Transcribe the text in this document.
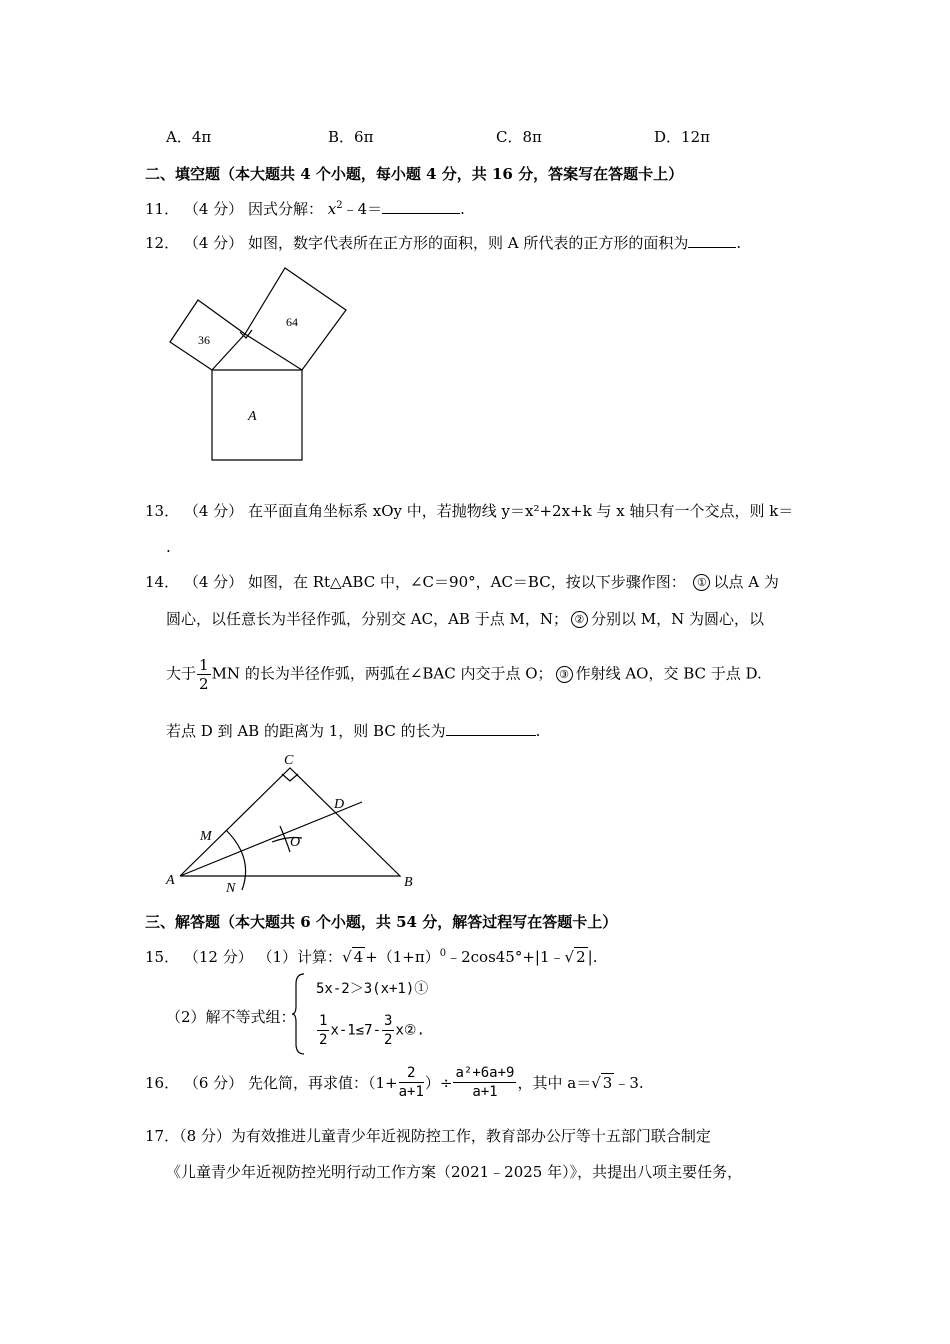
A．4π	B．6π	C．8π	D．12π
二、填空题（本大题共 4 个小题，每小题 4 分，共 16 分，答案写在答题卡上）
11． （4 分） 因式分解： $x^2﹣4=$	.
12． （4 分） 如图，数字代表所在正方形的面积，则 A 所代表的正方形的面积为	.
36
64
A
13． （4 分） 在平面直角坐标系 xOy 中，若抛物线 y＝x²+2x+k 与 x 轴只有一个交点，则 k＝
.
14． （4 分） 如图，在 Rt△ABC 中，∠C＝90°，AC＝BC，按以下步骤作图： ① 以点 A 为
圆心，以任意长为半径作弧，分别交 AC，AB 于点 M，N； ② 分别以 M，N 为圆心，以
大于 $\frac{1}{2}$ MN 的长为半径作弧，两弧在∠BAC 内交于点 O； ③ 作射线 AO，交 BC 于点 D.
若点 D 到 AB 的距离为 1，则 BC 的长为	.
A	B
C
D
M
N
O
三、解答题（本大题共 6 个小题，共 54 分，解答过程写在答题卡上）
15． （12 分） （1）计算：√ $4 +(1+\pi)^0﹣2\cos 45^\circ+|1﹣√$ 2 |.
（2）解不等式组：
5x-2＞3(x+1)①
$\frac{1}{2} x-1\le 7- \frac{3}{2}$ x②.
16． （6 分） 先化简，再求值：（$1+ \frac{2}{a+1}$ ）÷ $\frac{\text{a²+6a+9}}{a+1}$ ，其中 a＝√ 3 ﹣3.
17．（8 分）为有效推进儿童青少年近视防控工作，教育部办公厅等十五部门联合制定
《儿童青少年近视防控光明行动工作方案（2021﹣2025 年）》，共提出八项主要任务，
